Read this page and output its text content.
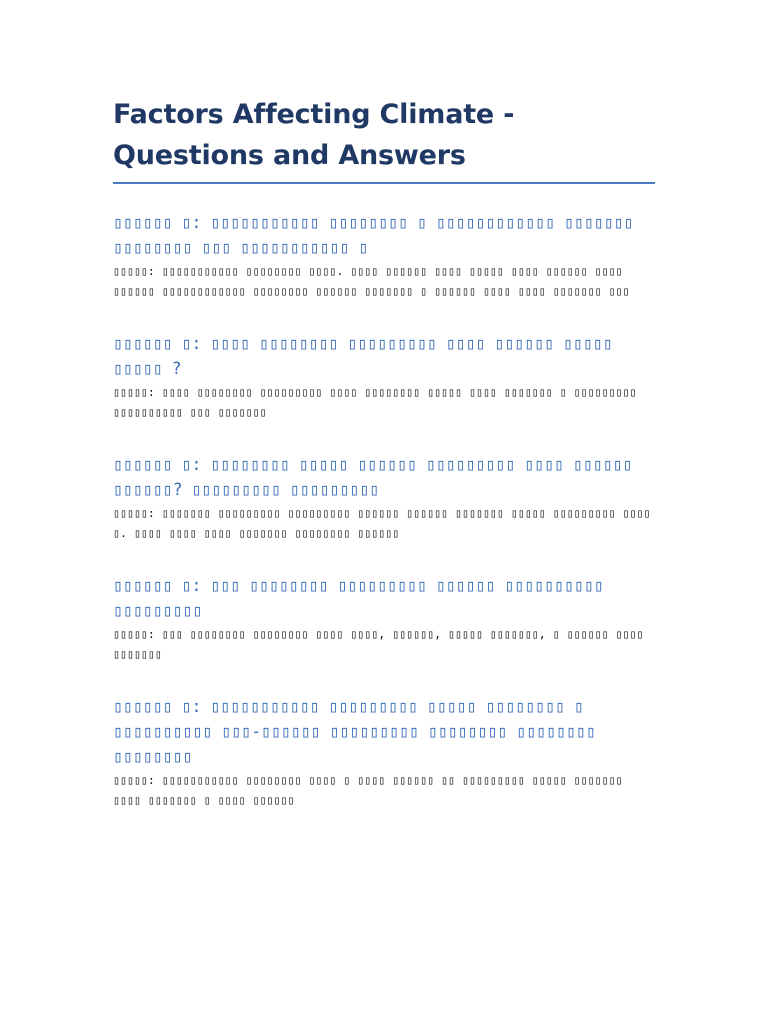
Factors Affecting Climate - Questions and Answers

▯▯▯▯▯▯ ▯: ▯▯▯▯▯▯▯▯▯▯▯ ▯▯▯▯▯▯▯▯ ▯ ▯▯▯▯▯▯▯▯▯▯▯▯ ▯▯▯▯▯▯▯ ▯▯▯▯▯▯▯▯ ▯▯▯ ▯▯▯▯▯▯▯▯▯▯▯ ▯

▯▯▯▯▯: ▯▯▯▯▯▯▯▯▯▯▯ ▯▯▯▯▯▯▯▯ ▯▯▯▯. ▯▯▯▯ ▯▯▯▯▯▯ ▯▯▯▯ ▯▯▯▯▯ ▯▯▯▯ ▯▯▯▯▯▯ ▯▯▯▯ ▯▯▯▯▯▯ ▯▯▯▯▯▯▯▯▯▯▯▯ ▯▯▯▯▯▯▯▯ ▯▯▯▯▯▯ ▯▯▯▯▯▯▯ ▯ ▯▯▯▯▯▯ ▯▯▯▯ ▯▯▯▯ ▯▯▯▯▯▯▯ ▯▯▯

▯▯▯▯▯▯ ▯: ▯▯▯▯ ▯▯▯▯▯▯▯▯ ▯▯▯▯▯▯▯▯▯ ▯▯▯▯ ▯▯▯▯▯▯ ▯▯▯▯▯ ▯▯▯▯▯ ?

▯▯▯▯▯: ▯▯▯▯ ▯▯▯▯▯▯▯▯ ▯▯▯▯▯▯▯▯▯ ▯▯▯▯ ▯▯▯▯▯▯▯▯ ▯▯▯▯▯ ▯▯▯▯ ▯▯▯▯▯▯▯ ▯ ▯▯▯▯▯▯▯▯▯ ▯▯▯▯▯▯▯▯▯▯ ▯▯▯ ▯▯▯▯▯▯▯

▯▯▯▯▯▯ ▯: ▯▯▯▯▯▯▯▯ ▯▯▯▯▯ ▯▯▯▯▯▯ ▯▯▯▯▯▯▯▯▯ ▯▯▯▯ ▯▯▯▯▯▯ ▯▯▯▯▯▯? ▯▯▯▯▯▯▯▯▯ ▯▯▯▯▯▯▯▯▯

▯▯▯▯▯: ▯▯▯▯▯▯▯ ▯▯▯▯▯▯▯▯▯ ▯▯▯▯▯▯▯▯▯ ▯▯▯▯▯▯ ▯▯▯▯▯▯ ▯▯▯▯▯▯▯ ▯▯▯▯▯ ▯▯▯▯▯▯▯▯▯ ▯▯▯▯ ▯. ▯▯▯▯ ▯▯▯▯ ▯▯▯▯ ▯▯▯▯▯▯▯ ▯▯▯▯▯▯▯▯ ▯▯▯▯▯▯

▯▯▯▯▯▯ ▯: ▯▯▯ ▯▯▯▯▯▯▯▯ ▯▯▯▯▯▯▯▯▯ ▯▯▯▯▯▯ ▯▯▯▯▯▯▯▯▯▯ ▯▯▯▯▯▯▯▯▯

▯▯▯▯▯: ▯▯▯ ▯▯▯▯▯▯▯▯ ▯▯▯▯▯▯▯▯ ▯▯▯▯ ▯▯▯▯, ▯▯▯▯▯▯, ▯▯▯▯▯ ▯▯▯▯▯▯▯, ▯ ▯▯▯▯▯▯ ▯▯▯▯ ▯▯▯▯▯▯▯

▯▯▯▯▯▯ ▯: ▯▯▯▯▯▯▯▯▯▯▯ ▯▯▯▯▯▯▯▯▯ ▯▯▯▯▯ ▯▯▯▯▯▯▯▯ ▯ ▯▯▯▯▯▯▯▯▯▯ ▯▯▯-▯▯▯▯▯▯ ▯▯▯▯▯▯▯▯▯ ▯▯▯▯▯▯▯▯ ▯▯▯▯▯▯▯▯ ▯▯▯▯▯▯▯▯

▯▯▯▯▯: ▯▯▯▯▯▯▯▯▯▯▯ ▯▯▯▯▯▯▯▯ ▯▯▯▯ ▯ ▯▯▯▯ ▯▯▯▯▯▯ ▯▯ ▯▯▯▯▯▯▯▯▯ ▯▯▯▯▯ ▯▯▯▯▯▯▯ ▯▯▯▯ ▯▯▯▯▯▯▯ ▯ ▯▯▯▯ ▯▯▯▯▯▯
